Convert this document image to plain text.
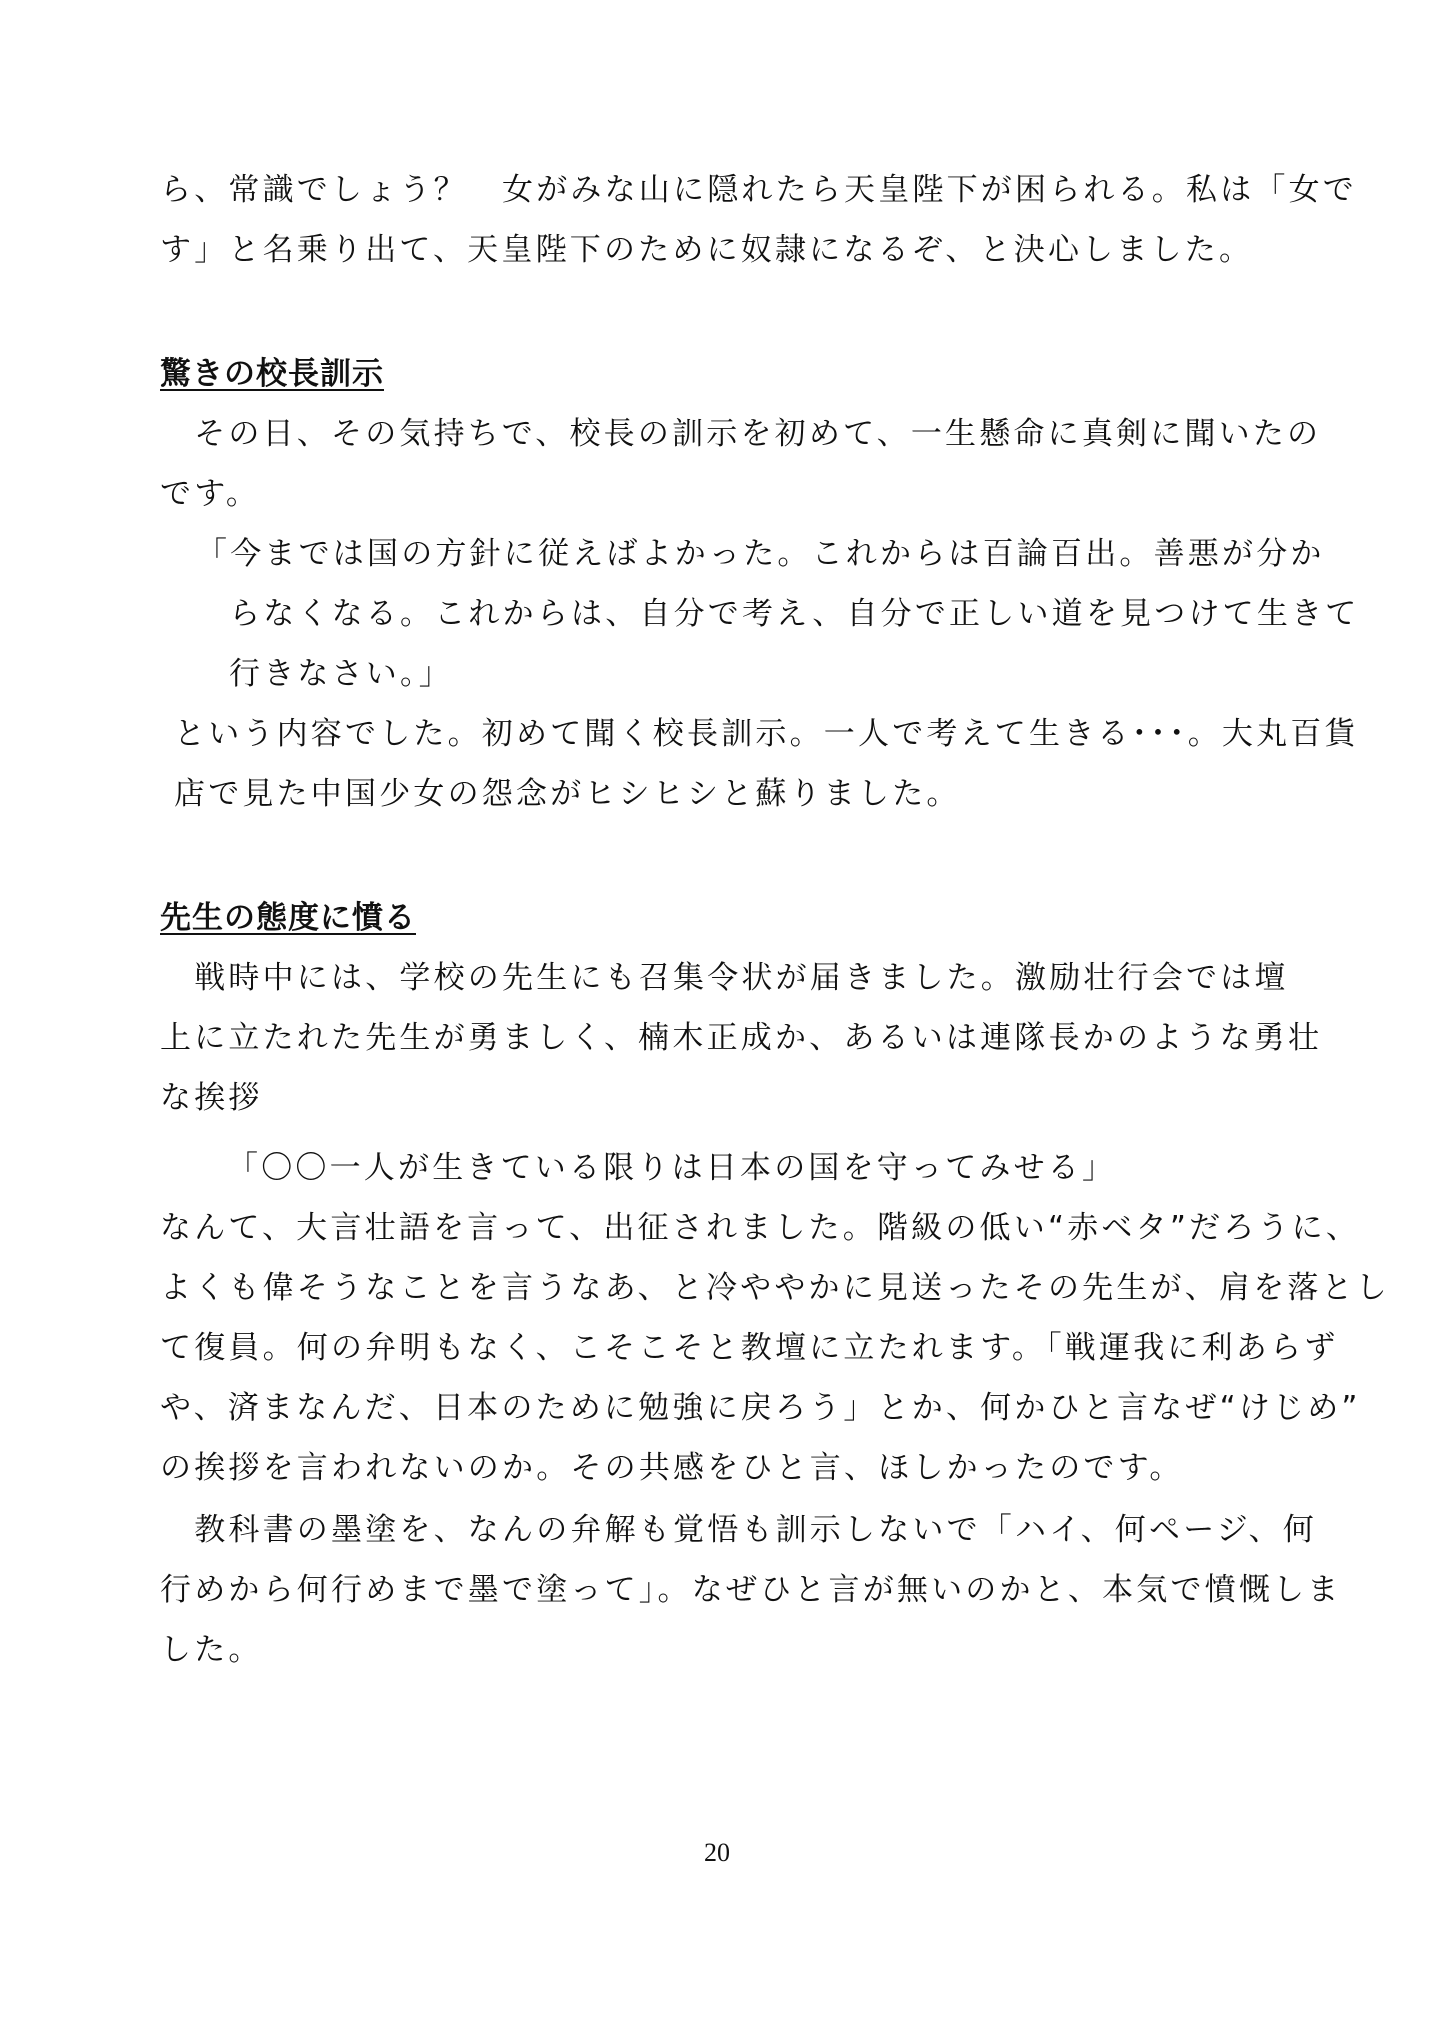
ら、常識でしょう？　女がみな山に隠れたら天皇陛下が困られる。私は「女で
す」と名乗り出て、天皇陛下のために奴隷になるぞ、と決心しました。
驚きの校長訓示
　その日、その気持ちで、校長の訓示を初めて、一生懸命に真剣に聞いたの
です。
「今までは国の方針に従えばよかった。これからは百論百出。善悪が分か
らなくなる。これからは、自分で考え、自分で正しい道を見つけて生きて
行きなさい。」
という内容でした。初めて聞く校長訓示。一人で考えて生きる･･･。大丸百貨
店で見た中国少女の怨念がヒシヒシと蘇りました。
先生の態度に憤る
　戦時中には、学校の先生にも召集令状が届きました。激励壮行会では壇
上に立たれた先生が勇ましく、楠木正成か、あるいは連隊長かのような勇壮
な挨拶
「〇〇一人が生きている限りは日本の国を守ってみせる」
なんて、大言壮語を言って、出征されました。階級の低い“赤ベタ”だろうに、
よくも偉そうなことを言うなあ、と冷ややかに見送ったその先生が、肩を落とし
て復員。何の弁明もなく、こそこそと教壇に立たれます。「戦運我に利あらず
や、済まなんだ、日本のために勉強に戻ろう」とか、何かひと言なぜ“けじめ”
の挨拶を言われないのか。その共感をひと言、ほしかったのです。
　教科書の墨塗を、なんの弁解も覚悟も訓示しないで「ハイ、何ページ、何
行めから何行めまで墨で塗って」。なぜひと言が無いのかと、本気で憤慨しま
した。
20
